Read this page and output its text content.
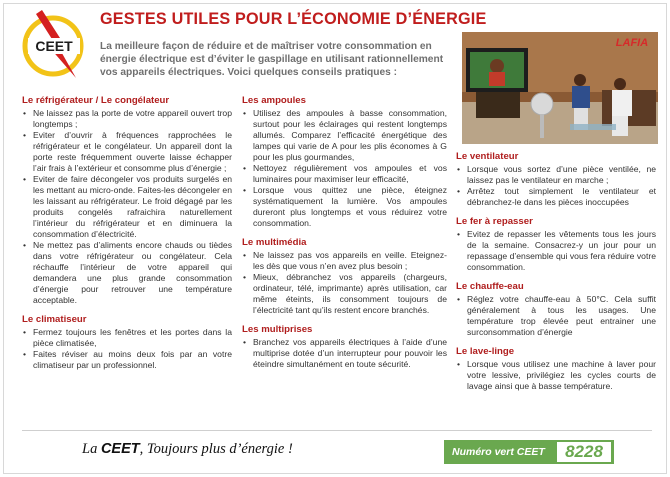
CEET
GESTES UTILES POUR L’ÉCONOMIE D’ÉNERGIE
La meilleure façon de réduire et de maîtriser votre consommation en énergie électrique est d’éviter le gaspillage en utilisant rationnellement vos appareils électriques. Voici quelques conseils pratiques :
LAFIA
Le réfrigérateur / Le congélateur
• Ne laissez pas la porte de votre appareil ouvert trop longtemps ;
• Eviter d’ouvrir à fréquences rapprochées le réfrigérateur et le congélateur. Un appareil dont la porte reste fréquemment ouverte laisse échapper l’air frais à l’extérieur et consomme plus d’énergie ;
• Eviter de faire décongeler vos produits surgelés en les mettant au micro-onde. Faites-les décongeler en les laissant au réfrigérateur. Le froid dégagé par les produits congelés rafraichira naturellement l’intérieur du réfrigérateur et en diminuera la consommation d’électricité.
• Ne mettez pas d’aliments encore chauds ou tièdes dans votre réfrigérateur ou congélateur. Cela réchauffe l’intérieur de votre appareil qui demandera une plus grande consommation d’énergie pour retrouver une température acceptable.
Le climatiseur
• Fermez toujours les fenêtres et les portes dans la pièce climatisée,
• Faites réviser au moins deux fois par an votre climatiseur par un professionnel.
Les ampoules
• Utilisez des ampoules à basse consommation, surtout pour les éclairages qui restent longtemps allumés. Comparez l’efficacité énergétique des lampes qui varie de A pour les plis économes à G pour les plus gourmandes,
• Nettoyez régulièrement vos ampoules et vos luminaires pour maximiser leur efficacité,
• Lorsque vous quittez une pièce, éteignez systématiquement la lumière. Vos ampoules dureront plus longtemps et vous réduirez votre consommation.
Le multimédia
• Ne laissez pas vos appareils en veille. Eteignez-les dès que vous n’en avez plus besoin ;
• Mieux, débranchez vos appareils (chargeurs, ordinateur, télé, imprimante) après utilisation, car même éteints, ils consomment toujours de l’électricité tant qu’ils restent encore branchés.
Les multiprises
• Branchez vos appareils électriques à l’aide d’une multiprise dotée d’un interrupteur pour pouvoir les éteindre simultanément en toute sécurité.
Le ventilateur
• Lorsque vous sortez d’une pièce ventilée, ne laissez pas le ventilateur en marche ;
• Arrêtez tout simplement le ventilateur et débranchez-le dans les pièces inoccupées
Le fer à repasser
• Evitez de repasser les vêtements tous les jours de la semaine. Consacrez-y un jour pour un repassage d’ensemble qui vous fera réduire votre consommation.
Le chauffe-eau
• Réglez votre chauffe-eau à 50°C. Cela suffit généralement à tous les usages. Une température trop élevée peut entrainer une surconsommation d’énergie
Le lave-linge
• Lorsque vous utilisez une machine à laver pour votre lessive, privilégiez les cycles courts de lavage ainsi que à basse température.
La CEET, Toujours plus d’énergie !	Numéro vert CEET	8228
